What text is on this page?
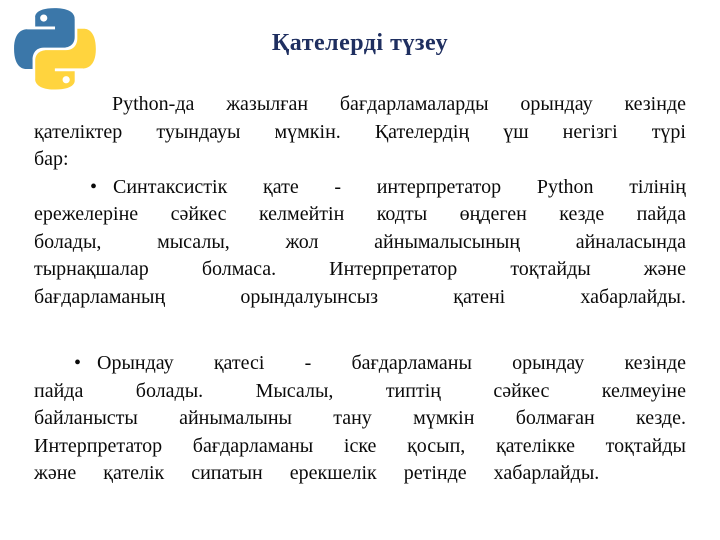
Қателерді түзеу

Python-да жазылған бағдарламаларды орындау кезінде қателіктер туындауы мүмкін. Қателердің үш негізгі түрі бар:

• Синтаксистік қате - интерпретатор Python тілінің ережелеріне сәйкес келмейтін кодты өңдеген кезде пайда болады, мысалы, жол айнымалысының айналасында тырнақшалар болмаса. Интерпретатор тоқтайды және бағдарламаның орындалуынсыз қатені хабарлайды.

• Орындау қатесі - бағдарламаны орындау кезінде пайда болады. Мысалы, типтің сәйкес келмеуіне байланысты айнымалыны тану мүмкін болмаған кезде. Интерпретатор бағдарламаны іске қосып, қателікке тоқтайды және қателік сипатын ерекшелік ретінде хабарлайды.
